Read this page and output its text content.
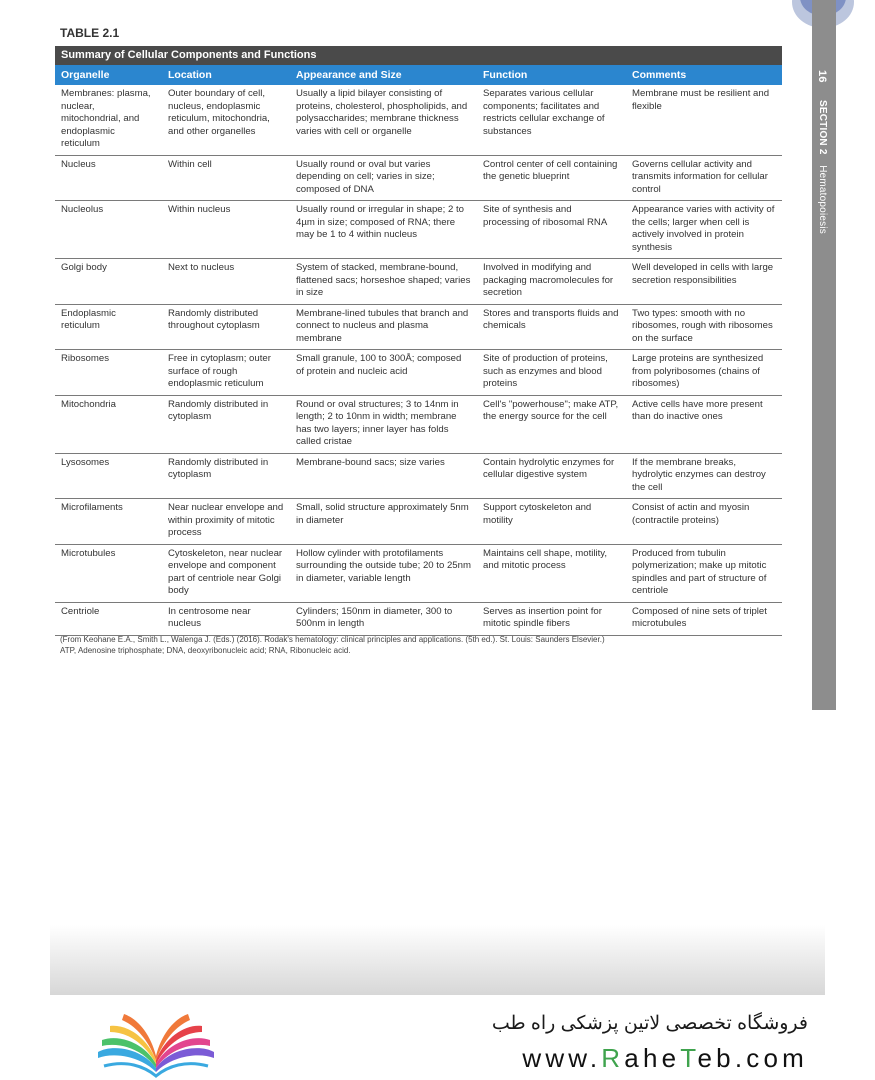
16 SECTION 2 Hematopoiesis
TABLE 2.1
Summary of Cellular Components and Functions
Organelle	Location	Appearance and Size	Function	Comments
Membranes: plasma, nuclear, mitochondrial, and endoplasmic reticulum	Outer boundary of cell, nucleus, endoplasmic reticulum, mitochondria, and other organelles	Usually a lipid bilayer consisting of proteins, cholesterol, phospholipids, and polysaccharides; membrane thickness varies with cell or organelle	Separates various cellular components; facilitates and restricts cellular exchange of substances	Membrane must be resilient and flexible
Nucleus	Within cell	Usually round or oval but varies depending on cell; varies in size; composed of DNA	Control center of cell containing the genetic blueprint	Governs cellular activity and transmits information for cellular control
Nucleolus	Within nucleus	Usually round or irregular in shape; 2 to 4µm in size; composed of RNA; there may be 1 to 4 within nucleus	Site of synthesis and processing of ribosomal RNA	Appearance varies with activity of the cells; larger when cell is actively involved in protein synthesis
Golgi body	Next to nucleus	System of stacked, membrane-bound, flattened sacs; horseshoe shaped; varies in size	Involved in modifying and packaging macromolecules for secretion	Well developed in cells with large secretion responsibilities
Endoplasmic reticulum	Randomly distributed throughout cytoplasm	Membrane-lined tubules that branch and connect to nucleus and plasma membrane	Stores and transports fluids and chemicals	Two types: smooth with no ribosomes, rough with ribosomes on the surface
Ribosomes	Free in cytoplasm; outer surface of rough endoplasmic reticulum	Small granule, 100 to 300Å; composed of protein and nucleic acid	Site of production of proteins, such as enzymes and blood proteins	Large proteins are synthesized from polyribosomes (chains of ribosomes)
Mitochondria	Randomly distributed in cytoplasm	Round or oval structures; 3 to 14nm in length; 2 to 10nm in width; membrane has two layers; inner layer has folds called cristae	Cell's "powerhouse"; make ATP, the energy source for the cell	Active cells have more present than do inactive ones
Lysosomes	Randomly distributed in cytoplasm	Membrane-bound sacs; size varies	Contain hydrolytic enzymes for cellular digestive system	If the membrane breaks, hydrolytic enzymes can destroy the cell
Microfilaments	Near nuclear envelope and within proximity of mitotic process	Small, solid structure approximately 5nm in diameter	Support cytoskeleton and motility	Consist of actin and myosin (contractile proteins)
Microtubules	Cytoskeleton, near nuclear envelope and component part of centriole near Golgi body	Hollow cylinder with protofilaments surrounding the outside tube; 20 to 25nm in diameter, variable length	Maintains cell shape, motility, and mitotic process	Produced from tubulin polymerization; make up mitotic spindles and part of structure of centriole
Centriole	In centrosome near nucleus	Cylinders; 150nm in diameter, 300 to 500nm in length	Serves as insertion point for mitotic spindle fibers	Composed of nine sets of triplet microtubules
(From Keohane E.A., Smith L., Walenga J. (Eds.) (2016). Rodak's hematology: clinical principles and applications. (5th ed.). St. Louis: Saunders Elsevier.)
ATP, Adenosine triphosphate; DNA, deoxyribonucleic acid; RNA, Ribonucleic acid.
فروشگاه تخصصی لاتین پزشکی راه طب
www.RaheTeb.com
